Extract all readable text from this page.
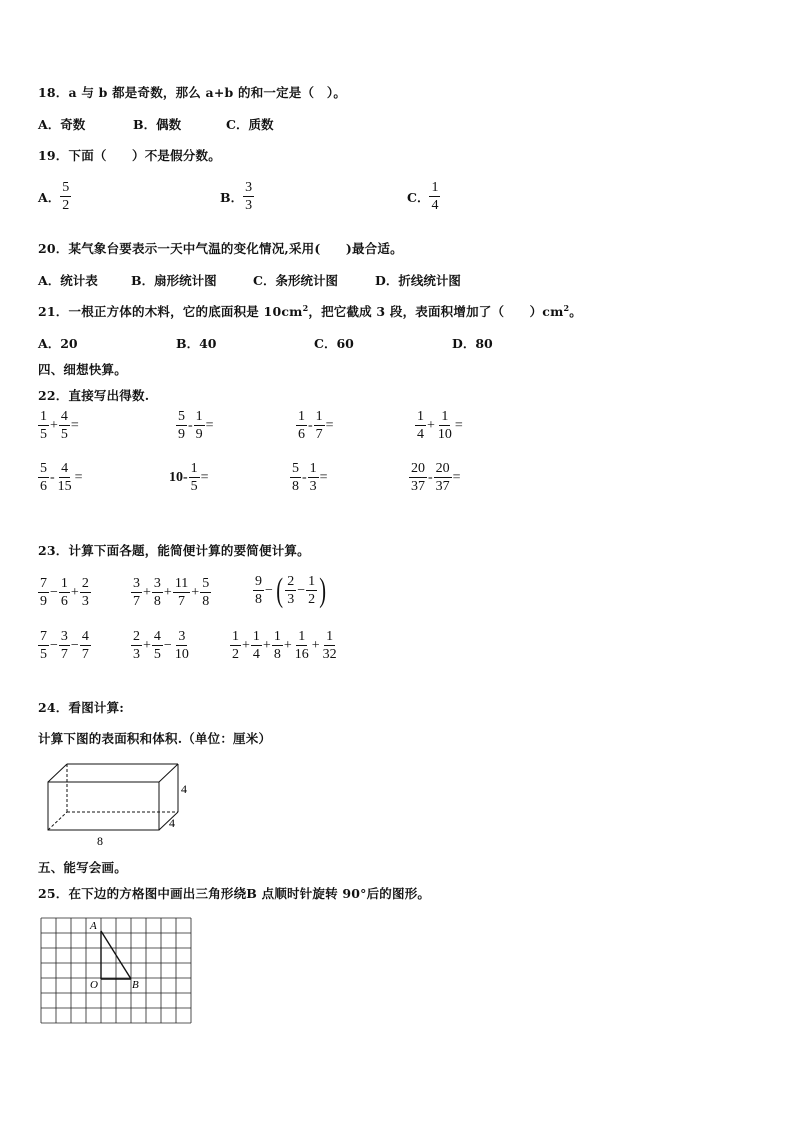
18．a 与 b 都是奇数，那么 a+b 的和一定是（　）。
A．奇数	B．偶数	C．质数
19．下面（　　）不是假分数。
A． $\frac{5}{2}$	B． $\frac{3}{3}$	C． $\frac{1}{4}$
20．某气象台要表示一天中气温的变化情况,采用(　　)最合适。
A．统计表	B．扇形统计图	C．条形统计图	D．折线统计图
21．一根正方体的木料，它的底面积是 $10cm^2$，把它截成 3 段，表面积增加了（　　）$cm^2$。
A．20	B．40	C．60	D．80
四、细想快算。
22．直接写出得数.
$\frac{1}{5} + \frac{4}{5}$ =	$\frac{5}{9} - \frac{1}{9}$ =	$\frac{1}{6} - \frac{1}{7}$ =	$\frac{1}{4} + \frac{1}{10}$ =
$\frac{5}{6} - \frac{4}{15}$ =	$10- \frac{1}{5}$ =	$\frac{5}{8} - \frac{1}{3}$ =	$\frac{20}{37} - \frac{20}{37}$ =
23．计算下面各题，能简便计算的要简便计算。
$\frac{7}{9} - \frac{1}{6} + \frac{2}{3}$	$\frac{3}{7} + \frac{3}{8} + \frac{11}{7} + \frac{5}{8}$	$\frac{9}{8}$ − ( $\frac{2}{3} - \frac{1}{2}$ )
$\frac{7}{5} - \frac{3}{7} - \frac{4}{7}$	$\frac{2}{3} + \frac{4}{5} - \frac{3}{10}$	$\frac{1}{2} + \frac{1}{4} + \frac{1}{8} + \frac{1}{16} + \frac{1}{32}$
24．看图计算:
计算下图的表面积和体积.（单位：厘米）
4
4
8
五、能写会画。
25．在下边的方格图中画出三角形绕B 点顺时针旋转 90°后的图形。
A
O	B
